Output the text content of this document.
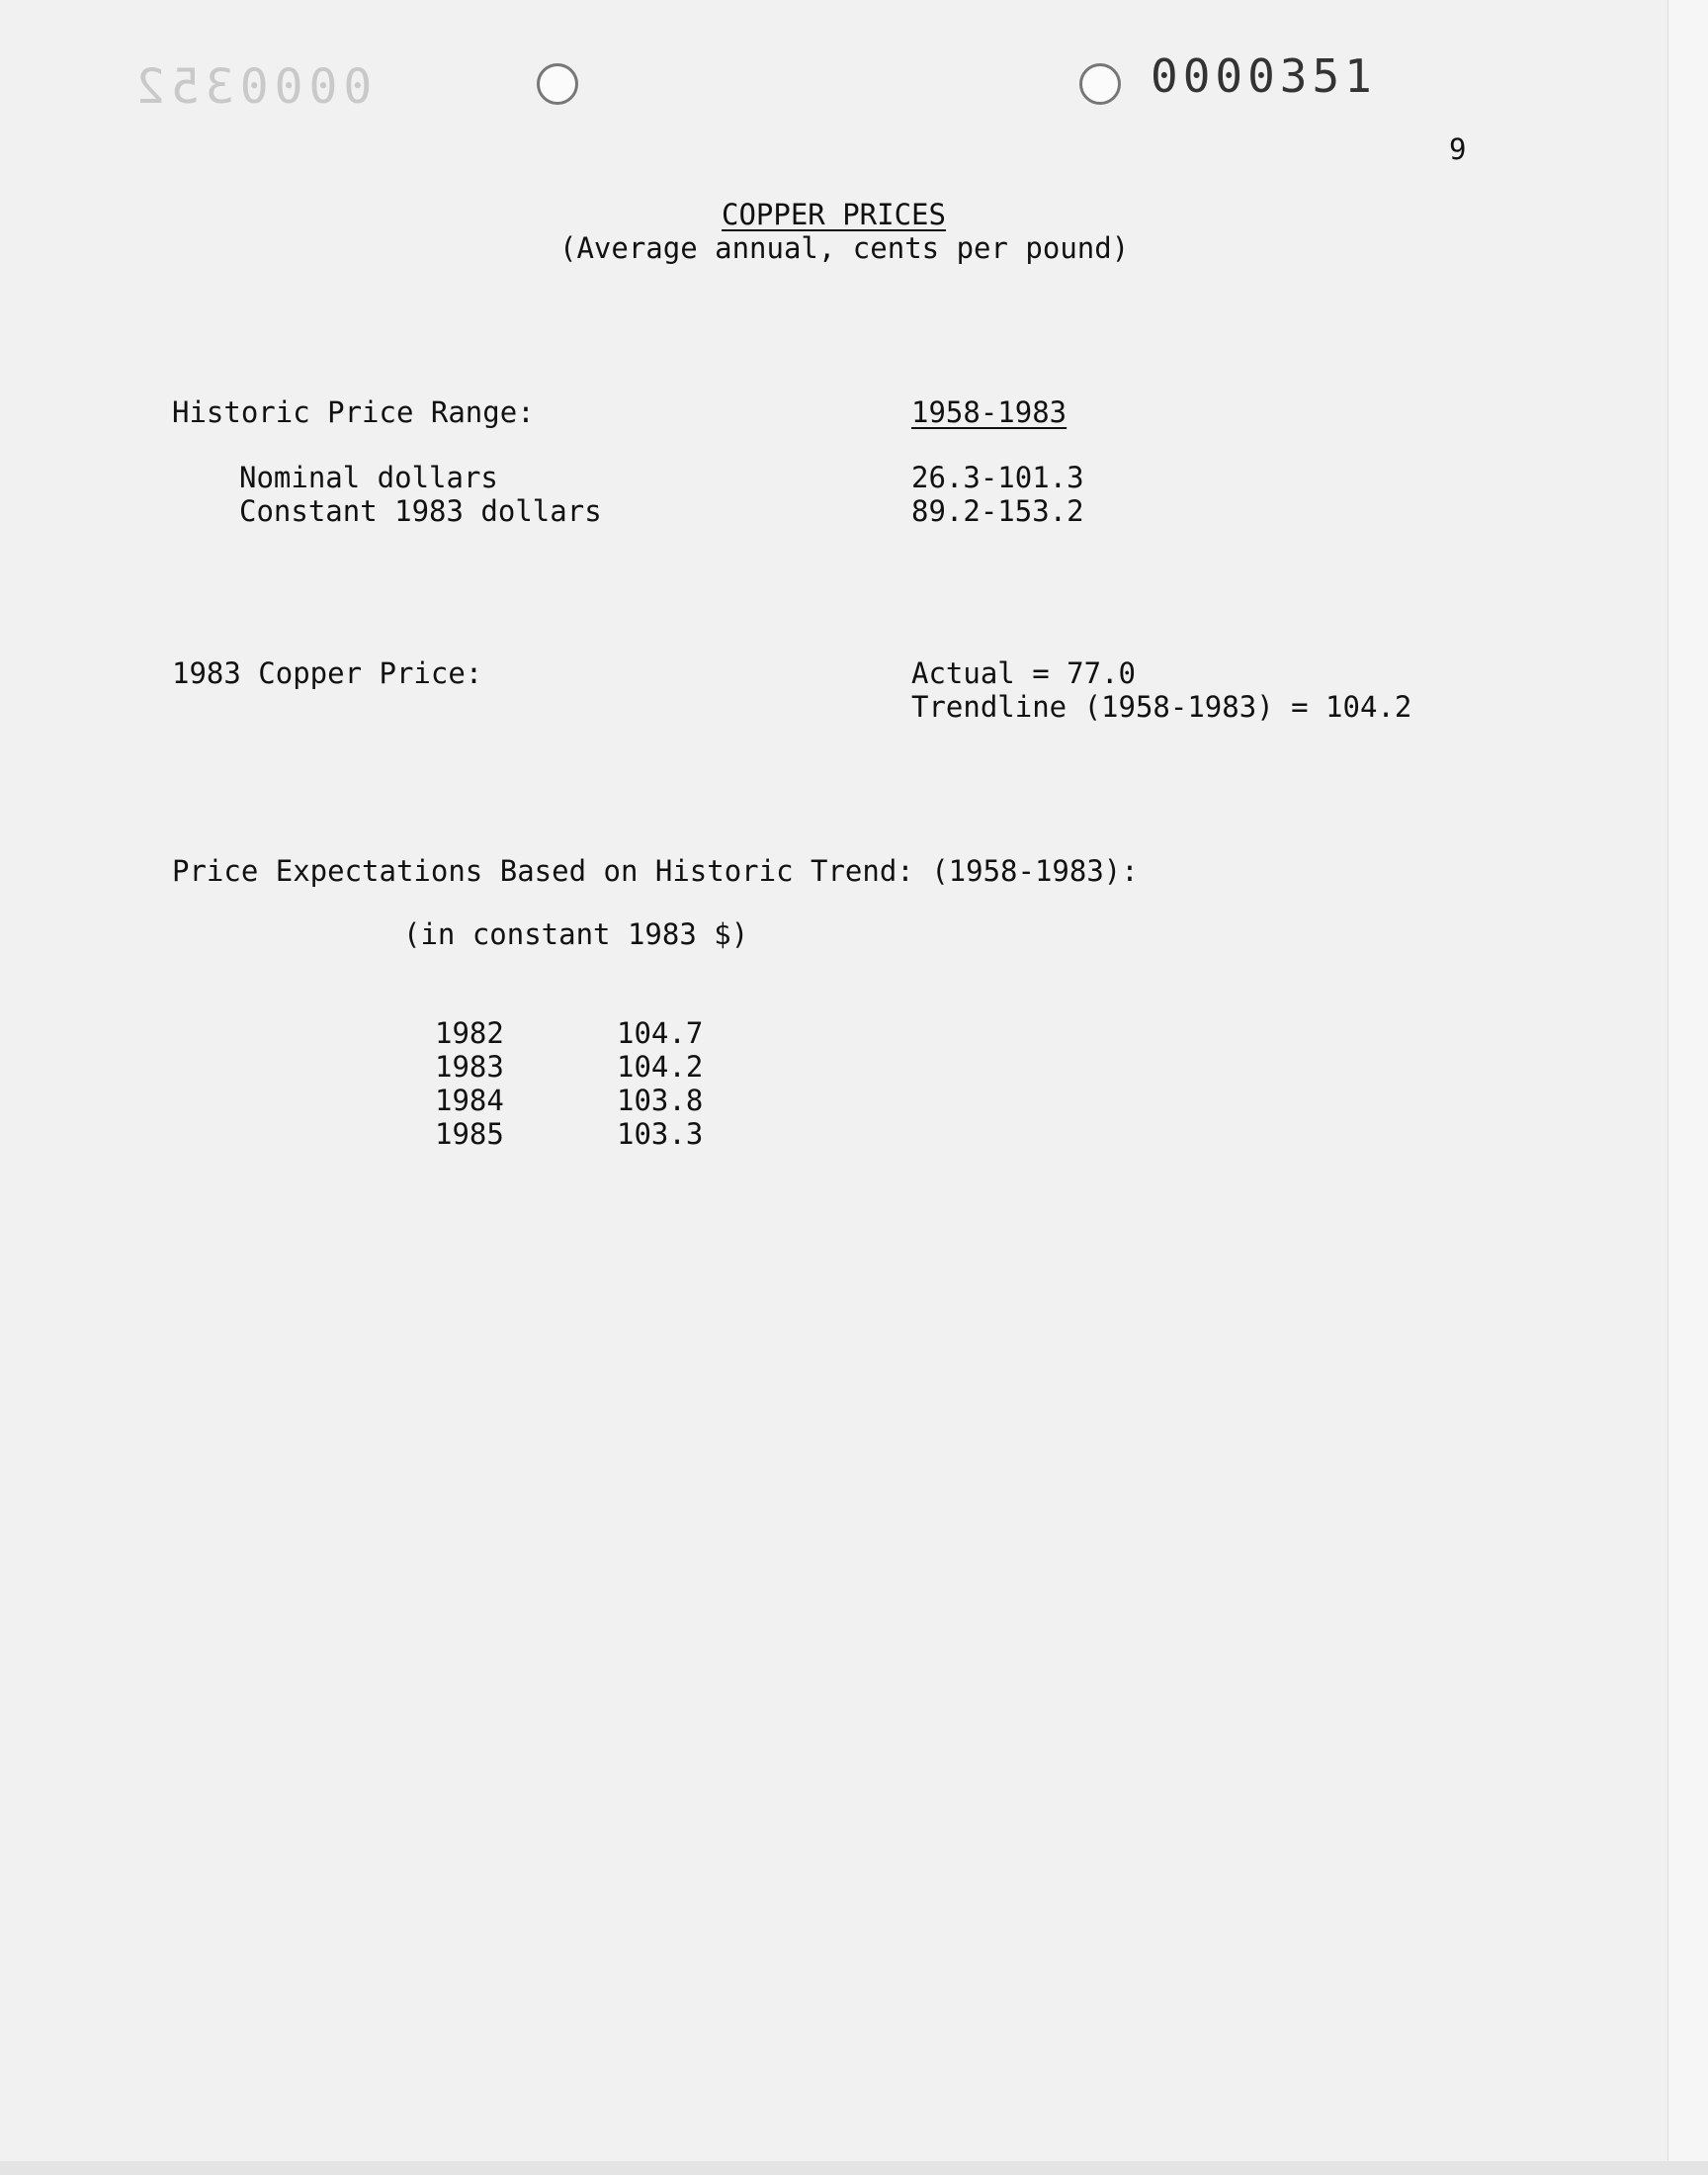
0000352	0000351
9
COPPER PRICES
(Average annual, cents per pound)
Historic Price Range:	1958-1983
Nominal dollars	26.3-101.3
Constant 1983 dollars	89.2-153.2
1983 Copper Price:	Actual = 77.0
Trendline (1958-1983) = 104.2
Price Expectations Based on Historic Trend: (1958-1983):
(in constant 1983 $)
1982	104.7
1983	104.2
1984	103.8
1985	103.3
